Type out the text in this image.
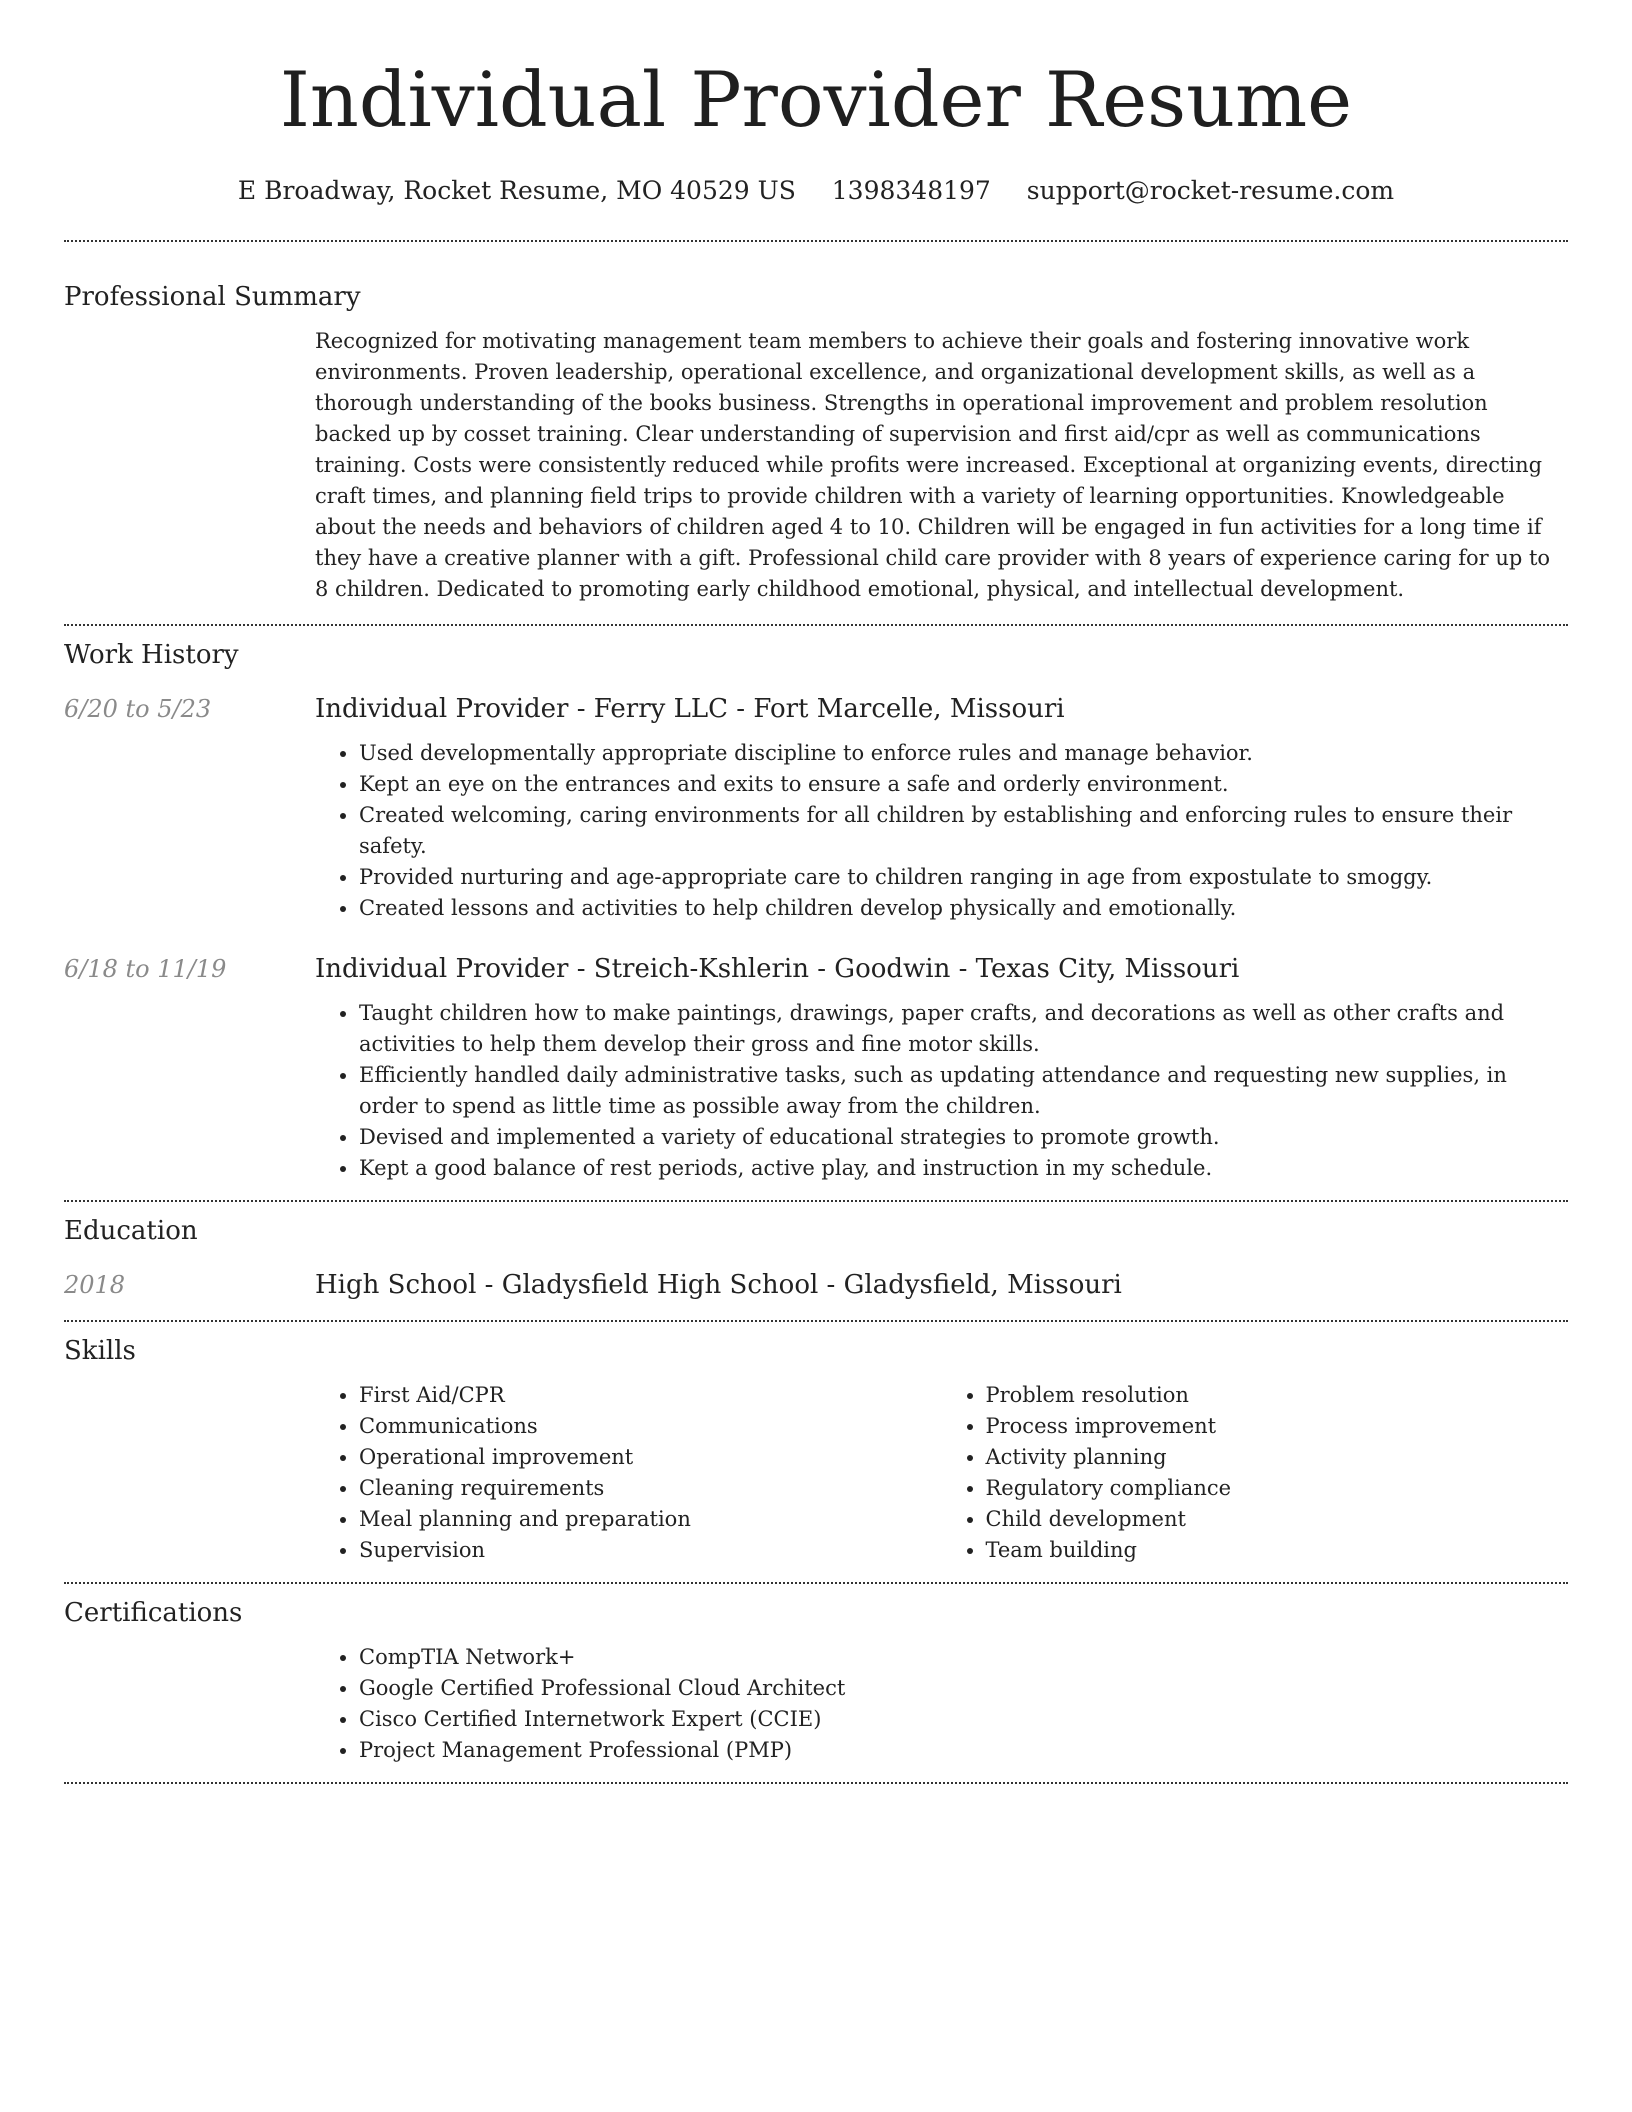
Individual Provider Resume
E Broadway, Rocket Resume, MO 40529 US 1398348197 support@rocket-resume.com
Professional Summary

Recognized for motivating management team members to achieve their goals and fostering innovative work environments. Proven leadership, operational excellence, and organizational development skills, as well as a thorough understanding of the books business. Strengths in operational improvement and problem resolution backed up by cosset training. Clear understanding of supervision and first aid/cpr as well as communications training. Costs were consistently reduced while profits were increased. Exceptional at organizing events, directing craft times, and planning field trips to provide children with a variety of learning opportunities. Knowledgeable about the needs and behaviors of children aged 4 to 10. Children will be engaged in fun activities for a long time if they have a creative planner with a gift. Professional child care provider with 8 years of experience caring for up to 8 children. Dedicated to promoting early childhood emotional, physical, and intellectual development.

Work History
6/20 to 5/23	Individual Provider - Ferry LLC - Fort Marcelle, Missouri
• Used developmentally appropriate discipline to enforce rules and manage behavior.
• Kept an eye on the entrances and exits to ensure a safe and orderly environment.
• Created welcoming, caring environments for all children by establishing and enforcing rules to ensure their safety.
• Provided nurturing and age-appropriate care to children ranging in age from expostulate to smoggy.
• Created lessons and activities to help children develop physically and emotionally.
6/18 to 11/19	Individual Provider - Streich-Kshlerin - Goodwin - Texas City, Missouri
• Taught children how to make paintings, drawings, paper crafts, and decorations as well as other crafts and activities to help them develop their gross and fine motor skills.
• Efficiently handled daily administrative tasks, such as updating attendance and requesting new supplies, in order to spend as little time as possible away from the children.
• Devised and implemented a variety of educational strategies to promote growth.
• Kept a good balance of rest periods, active play, and instruction in my schedule.
Education
2018	High School - Gladysfield High School - Gladysfield, Missouri
Skills
• First Aid/CPR
• Communications
• Operational improvement
• Cleaning requirements
• Meal planning and preparation
• Supervision
• Problem resolution
• Process improvement
• Activity planning
• Regulatory compliance
• Child development
• Team building
Certifications
• CompTIA Network+
• Google Certified Professional Cloud Architect
• Cisco Certified Internetwork Expert (CCIE)
• Project Management Professional (PMP)
